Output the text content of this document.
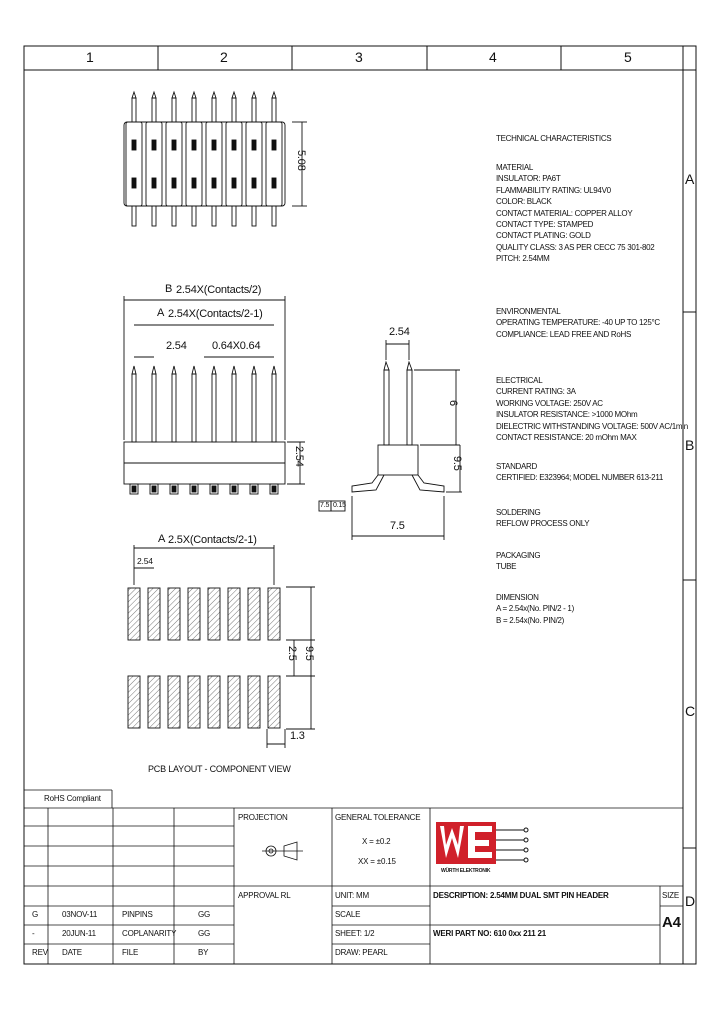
1	2	3	4	5
A
B
C
D
5.08
B 2.54X(Contacts/2)
A 2.54X(Contacts/2-1)
2.54 0.64X0.64
2.54
2.54
6
9.5
7.5 0.15
7.5
A 2.5X(Contacts/2-1)
2.54
2.5 9.5
1.3
PCB LAYOUT - COMPONENT VIEW
TECHNICAL CHARACTERISTICS
MATERIAL
INSULATOR: PA6T
FLAMMABILITY RATING: UL94V0
COLOR: BLACK
CONTACT MATERIAL: COPPER ALLOY
CONTACT TYPE: STAMPED
CONTACT PLATING: GOLD
QUALITY CLASS: 3 AS PER CECC 75 301-802
PITCH: 2.54MM
ENVIRONMENTAL
OPERATING TEMPERATURE: -40 UP TO 125°C
COMPLIANCE: LEAD FREE AND RoHS
ELECTRICAL
CURRENT RATING: 3A
WORKING VOLTAGE: 250V AC
INSULATOR RESISTANCE: >1000 MOhm
DIELECTRIC WITHSTANDING VOLTAGE: 500V AC/1min
CONTACT RESISTANCE: 20 mOhm MAX
STANDARD
CERTIFIED: E323964; MODEL NUMBER 613-211
SOLDERING
REFLOW PROCESS ONLY
PACKAGING
TUBE
DIMENSION
A = 2.54x(No. PIN/2 - 1)
B = 2.54x(No. PIN/2)
RoHS Compliant
PROJECTION	GENERAL TOLERANCE
X = ±0.2
XX = ±0.15
WÜRTH ELEKTRONIK
APPROVAL RL	UNIT: MM
SCALE
SHEET: 1/2
DRAW: PEARL
DESCRIPTION: 2.54MM DUAL SMT PIN HEADER
WERI PART NO: 610 0xx 211 21
SIZE
A4
G	03NOV-11	PINPINS	GG
-	20JUN-11	COPLANARITY	GG
REV DATE	FILE	BY
